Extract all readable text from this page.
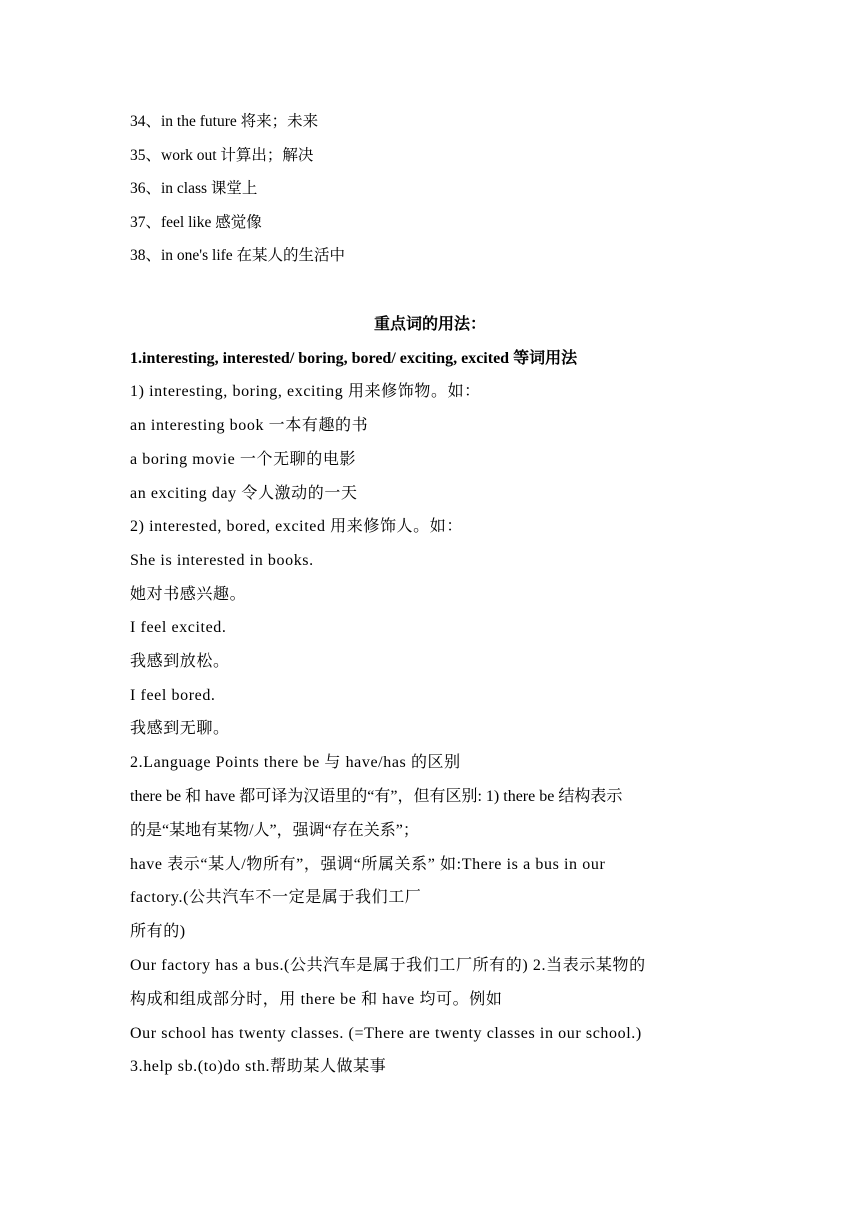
34、in the future 将来；未来
35、work out 计算出；解决
36、in class 课堂上
37、feel like 感觉像
38、in one's life 在某人的生活中
重点词的用法：
1.interesting, interested/ boring, bored/ exciting, excited 等词用法
1) interesting, boring, exciting 用来修饰物。如：
an interesting book 一本有趣的书
a boring movie 一个无聊的电影
an exciting day 令人激动的一天
2) interested, bored, excited 用来修饰人。如：
She is interested in books.
她对书感兴趣。
I feel excited.
我感到放松。
I feel bored.
我感到无聊。
2.Language Points there be 与 have/has 的区别
there be 和 have 都可译为汉语里的“有”，但有区别: 1) there be 结构表示
的是“某地有某物/人”，强调“存在关系”；
have 表示“某人/物所有”，强调“所属关系” 如:There is a bus in our
factory.(公共汽车不一定是属于我们工厂
所有的)
Our factory has a bus.(公共汽车是属于我们工厂所有的) 2.当表示某物的
构成和组成部分时，用 there be 和 have 均可。例如
Our school has twenty classes. (=There are twenty classes in our school.)
3.help sb.(to)do sth.帮助某人做某事
